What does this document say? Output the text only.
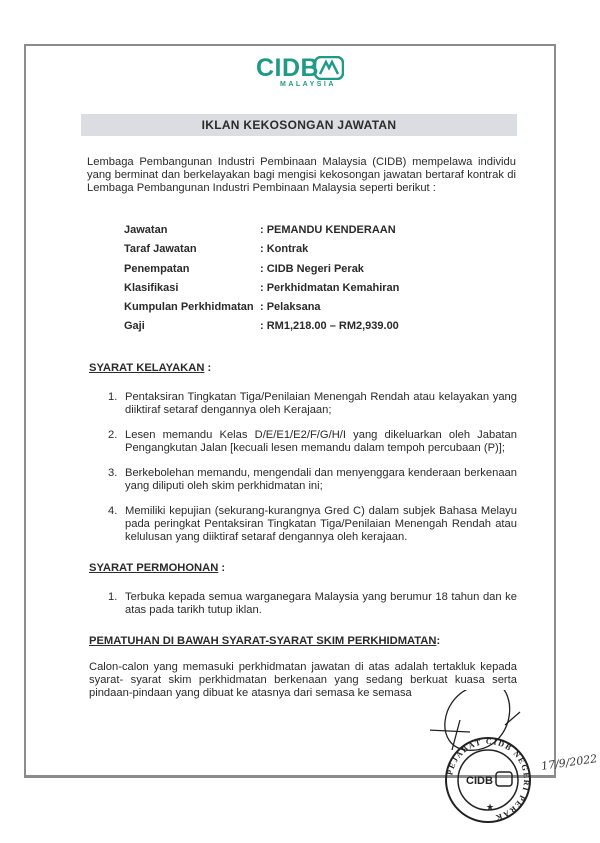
CIDB
MALAYSIA
IKLAN KEKOSONGAN JAWATAN
Lembaga Pembangunan Industri Pembinaan Malaysia (CIDB) mempelawa individu yang berminat dan berkelayakan bagi mengisi kekosongan jawatan bertaraf kontrak di Lembaga Pembangunan Industri Pembinaan Malaysia seperti berikut :
Jawatan	: PEMANDU KENDERAAN
Taraf Jawatan	: Kontrak
Penempatan	: CIDB Negeri Perak
Klasifikasi	: Perkhidmatan Kemahiran
Kumpulan Perkhidmatan : Pelaksana
Gaji	: RM1,218.00 – RM2,939.00
SYARAT KELAYAKAN :
1. Pentaksiran Tingkatan Tiga/Penilaian Menengah Rendah atau kelayakan yang diiktiraf setaraf dengannya oleh Kerajaan;
2. Lesen memandu Kelas D/E/E1/E2/F/G/H/I yang dikeluarkan oleh Jabatan Pengangkutan Jalan [kecuali lesen memandu dalam tempoh percubaan (P)];
3. Berkebolehan memandu, mengendali dan menyenggara kenderaan berkenaan yang diliputi oleh skim perkhidmatan ini;
4. Memiliki kepujian (sekurang-kurangnya Gred C) dalam subjek Bahasa Melayu pada peringkat Pentaksiran Tingkatan Tiga/Penilaian Menengah Rendah atau kelulusan yang diiktiraf setaraf dengannya oleh kerajaan.
SYARAT PERMOHONAN :
1. Terbuka kepada semua warganegara Malaysia yang berumur 18 tahun dan ke atas pada tarikh tutup iklan.
PEMATUHAN DI BAWAH SYARAT-SYARAT SKIM PERKHIDMATAN:
Calon-calon yang memasuki perkhidmatan jawatan di atas adalah tertakluk kepada syarat- syarat skim perkhidmatan berkenaan yang sedang berkuat kuasa serta pindaan-pindaan yang dibuat ke atasnya dari semasa ke semasa
PEJABAT CIDB NEGERI PERAK
CIDB
★
17/9/2022
